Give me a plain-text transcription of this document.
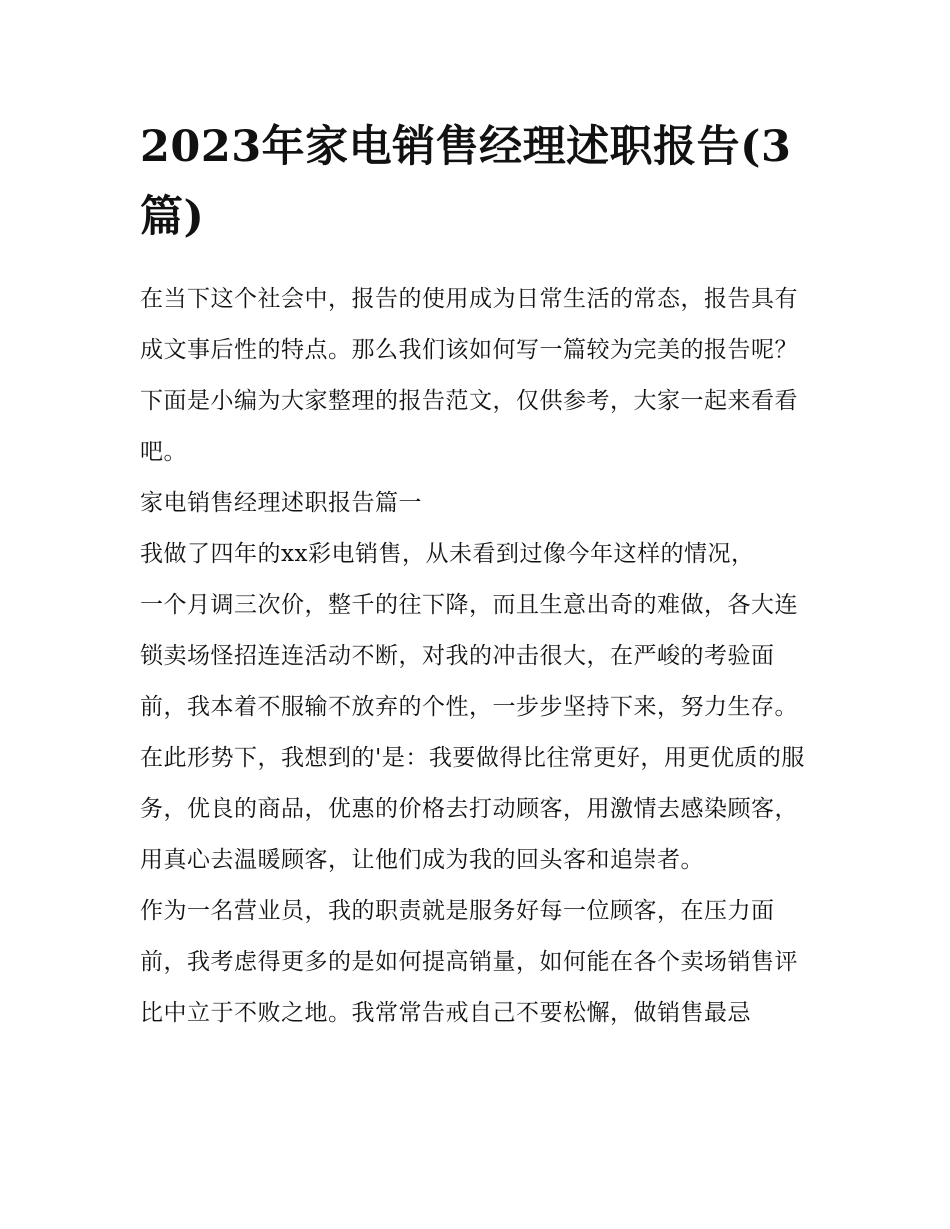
2023年家电销售经理述职报告(3篇)

在当下这个社会中，报告的使用成为日常生活的常态，报告具有成文事后性的特点。那么我们该如何写一篇较为完美的报告呢？下面是小编为大家整理的报告范文，仅供参考，大家一起来看看吧。

家电销售经理述职报告篇一

我做了四年的xx彩电销售，从未看到过像今年这样的情况，

一个月调三次价，整千的往下降，而且生意出奇的难做，各大连锁卖场怪招连连活动不断，对我的冲击很大，在严峻的考验面前，我本着不服输不放弃的个性，一步步坚持下来，努力生存。在此形势下，我想到的'是：我要做得比往常更好，用更优质的服务，优良的商品，优惠的价格去打动顾客，用激情去感染顾客，用真心去温暖顾客，让他们成为我的回头客和追崇者。

作为一名营业员，我的职责就是服务好每一位顾客，在压力面前，我考虑得更多的是如何提高销量，如何能在各个卖场销售评比中立于不败之地。我常常告戒自己不要松懈，做销售最忌
